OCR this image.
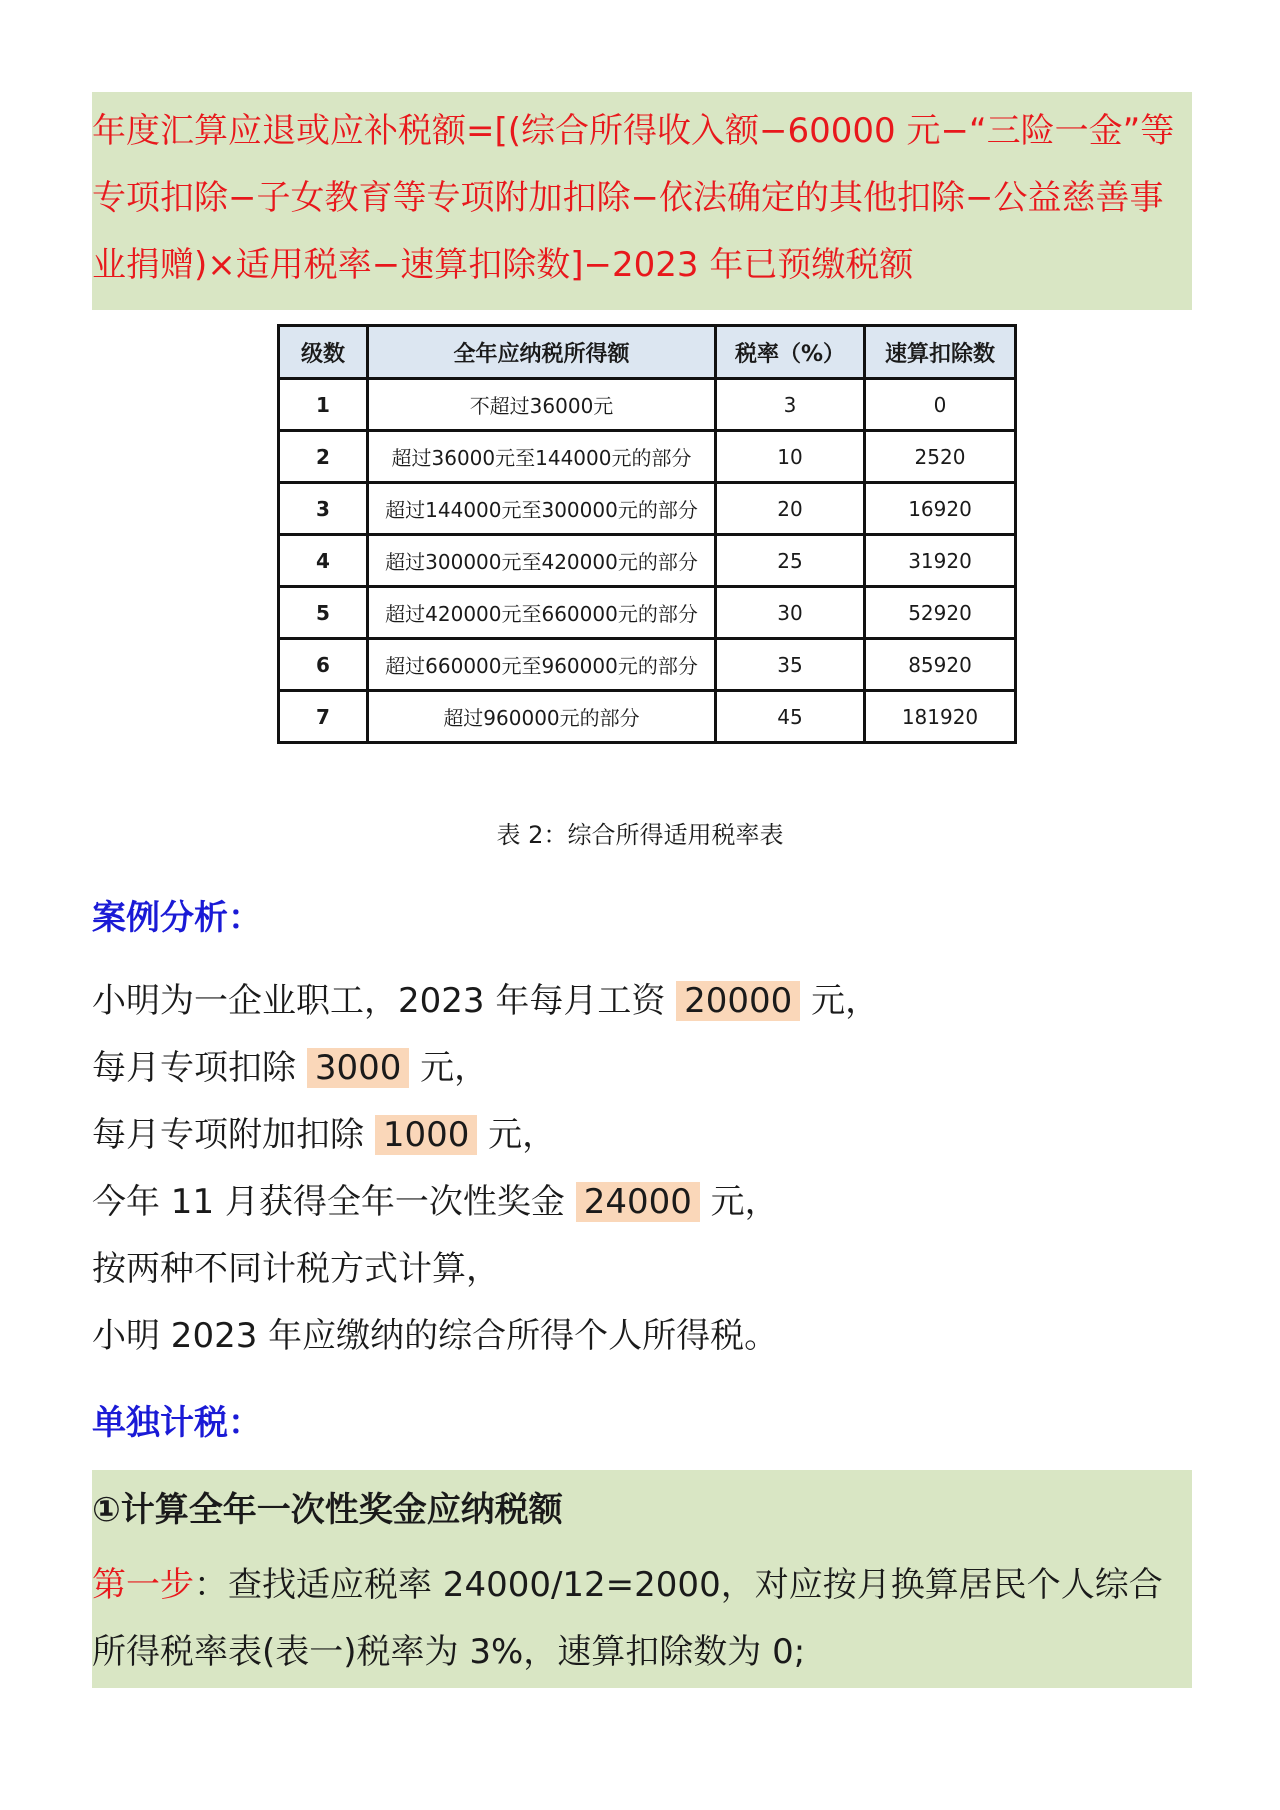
年度汇算应退或应补税额=[(综合所得收入额−60000 元−“三险一金”等专项扣除−子女教育等专项附加扣除−依法确定的其他扣除−公益慈善事业捐赠)×适用税率−速算扣除数]−2023 年已预缴税额

级数	全年应纳税所得额	税率（%）	速算扣除数
1	不超过36000元	3	0
2	超过36000元至144000元的部分	10	2520
3	超过144000元至300000元的部分	20	16920
4	超过300000元至420000元的部分	25	31920
5	超过420000元至660000元的部分	30	52920
6	超过660000元至960000元的部分	35	85920
7	超过960000元的部分	45	181920
表 2：综合所得适用税率表
案例分析：
小明为一企业职工，2023 年每月工资 20000 元，
每月专项扣除 3000 元，
每月专项附加扣除 1000 元，
今年 11 月获得全年一次性奖金 24000 元，
按两种不同计税方式计算，
小明 2023 年应缴纳的综合所得个人所得税。
单独计税：

①计算全年一次性奖金应纳税额

第一步：查找适应税率 24000/12=2000，对应按月换算居民个人综合所得税率表(表一)税率为 3%，速算扣除数为 0;
